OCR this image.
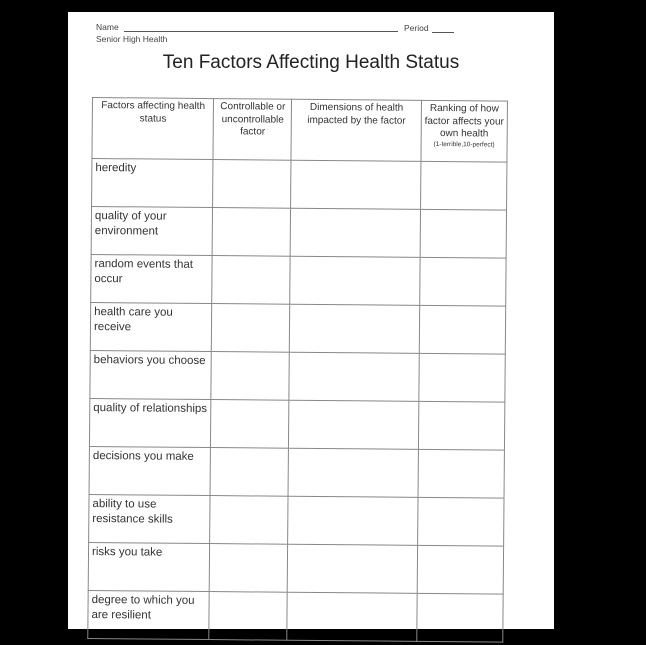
Name	Period
Senior High Health
Ten Factors Affecting Health Status
Factors affecting health status	Controllable or uncontrollable factor	Dimensions of health impacted by the factor	Ranking of how factor affects your own health
(1-terrible,10-perfect)

heredity			
quality of your environment			
random events that occur			
health care you receive			
behaviors you choose			
quality of relationships			
decisions you make			
ability to use resistance skills			
risks you take			
degree to which you are resilient			
